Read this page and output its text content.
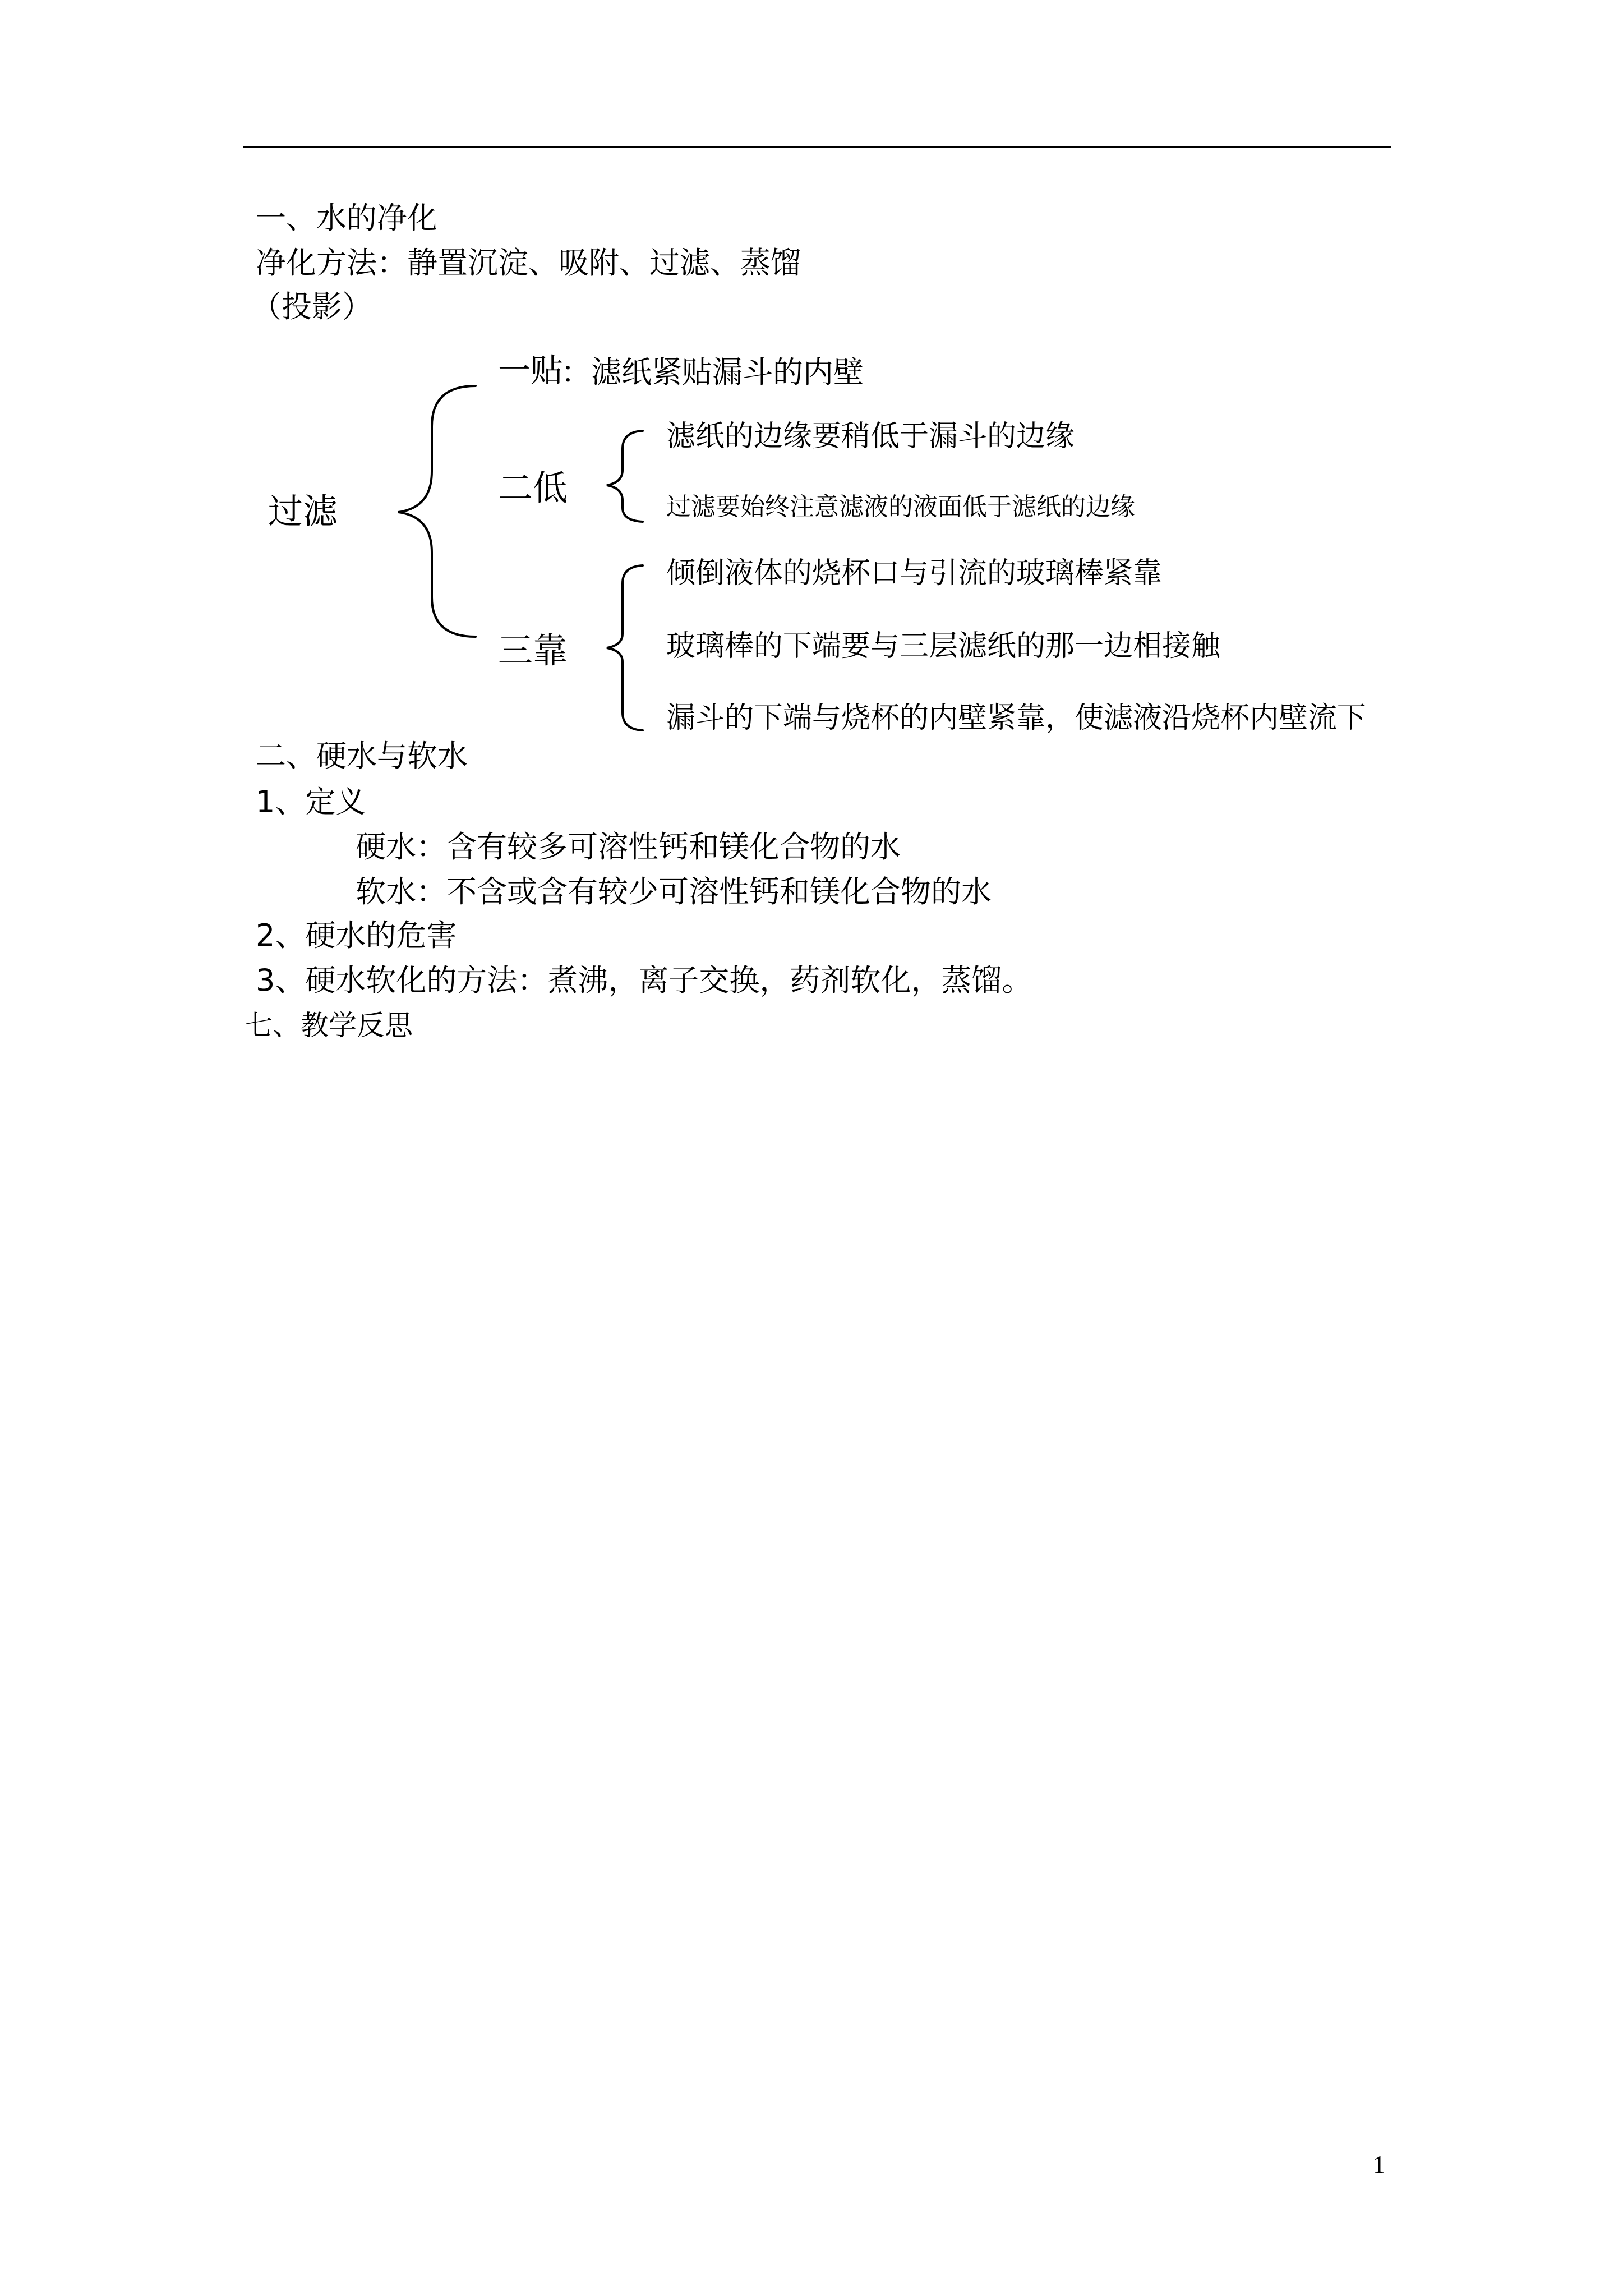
一、水的净化
净化方法：静置沉淀、吸附、过滤、蒸馏
（投影）
过滤
一贴
：滤纸紧贴漏斗的内壁
二低
滤纸的边缘要稍低于漏斗的边缘
过滤要始终注意滤液的液面低于滤纸的边缘
三靠
倾倒液体的烧杯口与引流的玻璃棒紧靠
玻璃棒的下端要与三层滤纸的那一边相接触
漏斗的下端与烧杯的内壁紧靠，使滤液沿烧杯内壁流下
二、硬水与软水
1、定义
硬水：含有较多可溶性钙和镁化合物的水
软水：不含或含有较少可溶性钙和镁化合物的水
2、硬水的危害
3、硬水软化的方法：煮沸，离子交换，药剂软化，蒸馏。
七、教学反思
1
